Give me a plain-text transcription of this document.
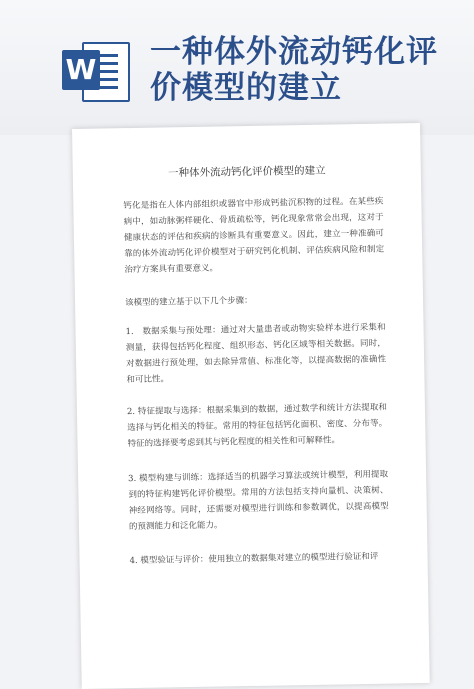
W 一种体外流动钙化评价模型的建立
一种体外流动钙化评价模型的建立

钙化是指在人体内部组织或器官中形成钙盐沉积物的过程。在某些疾病中，如动脉粥样硬化、骨质疏松等，钙化现象常常会出现，这对于健康状态的评估和疾病的诊断具有重要意义。因此，建立一种准确可靠的体外流动钙化评价模型对于研究钙化机制、评估疾病风险和制定治疗方案具有重要意义。

该模型的建立基于以下几个步骤：

1.　数据采集与预处理：通过对大量患者或动物实验样本进行采集和测量，获得包括钙化程度、组织形态、钙化区域等相关数据。同时，对数据进行预处理，如去除异常值、标准化等，以提高数据的准确性和可比性。

2. 特征提取与选择：根据采集到的数据，通过数学和统计方法提取和选择与钙化相关的特征。常用的特征包括钙化面积、密度、分布等。特征的选择要考虑到其与钙化程度的相关性和可解释性。

3. 模型构建与训练：选择适当的机器学习算法或统计模型，利用提取到的特征构建钙化评价模型。常用的方法包括支持向量机、决策树、神经网络等。同时，还需要对模型进行训练和参数调优，以提高模型的预测能力和泛化能力。

4. 模型验证与评价：使用独立的数据集对建立的模型进行验证和评
